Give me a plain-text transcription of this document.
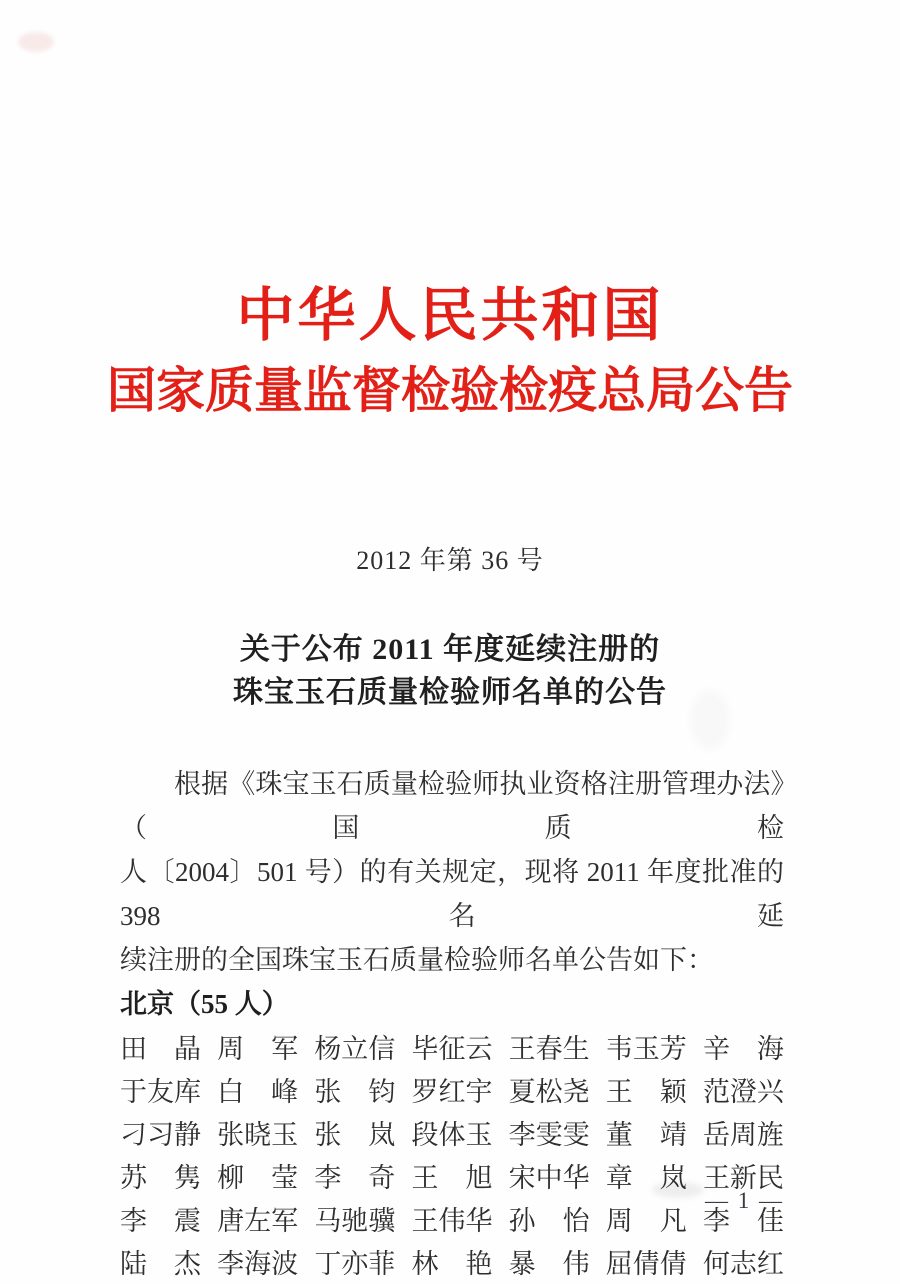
中华人民共和国
国家质量监督检验检疫总局公告
2012 年第 36 号
关于公布 2011 年度延续注册的
珠宝玉石质量检验师名单的公告
根据《珠宝玉石质量检验师执业资格注册管理办法》（国质检
人〔2004〕501 号）的有关规定，现将 2011 年度批准的 398 名延
续注册的全国珠宝玉石质量检验师名单公告如下：
北京（55 人）
田　晶 周　军 杨立信 毕征云 王春生 韦玉芳 辛　海
于友库 白　峰 张　钧 罗红宇 夏松尧 王　颖 范澄兴
刁习静 张晓玉 张　岚 段体玉 李雯雯 董　靖 岳周旌
苏　隽 柳　莹 李　奇 王　旭 宋中华 章　岚 王新民
李　震 唐左军 马驰骥 王伟华 孙　怡 周　凡 李　佳
陆　杰 李海波 丁亦菲 林　艳 暴　伟 屈倩倩 何志红
— 1 —
